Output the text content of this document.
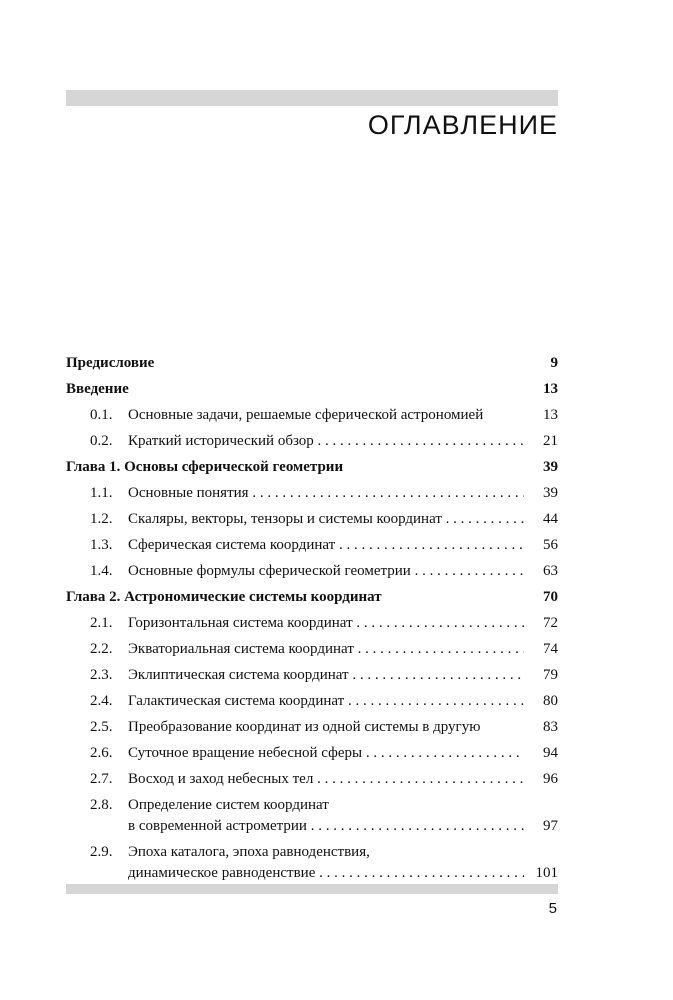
ОГЛАВЛЕНИЕ
Предисловие	9
Введение	13
0.1. Основные задачи, решаемые сферической астрономией	13
0.2. Краткий исторический обзор . . .	21
Глава 1. Основы сферической геометрии	39
1.1. Основные понятия . . .	39
1.2. Скаляры, векторы, тензоры и системы координат . . .	44
1.3. Сферическая система координат . . .	56
1.4. Основные формулы сферической геометрии . . .	63
Глава 2. Астрономические системы координат	70
2.1. Горизонтальная система координат . . .	72
2.2. Экваториальная система координат . . .	74
2.3. Эклиптическая система координат . . .	79
2.4. Галактическая система координат . . .	80
2.5. Преобразование координат из одной системы в другую	83
2.6. Суточное вращение небесной сферы . . .	94
2.7. Восход и заход небесных тел . . .	96
2.8. Определение систем координат
в современной астрометрии . . .	97
2.9. Эпоха каталога, эпоха равноденствия,
динамическое равноденствие . . .	101
5
